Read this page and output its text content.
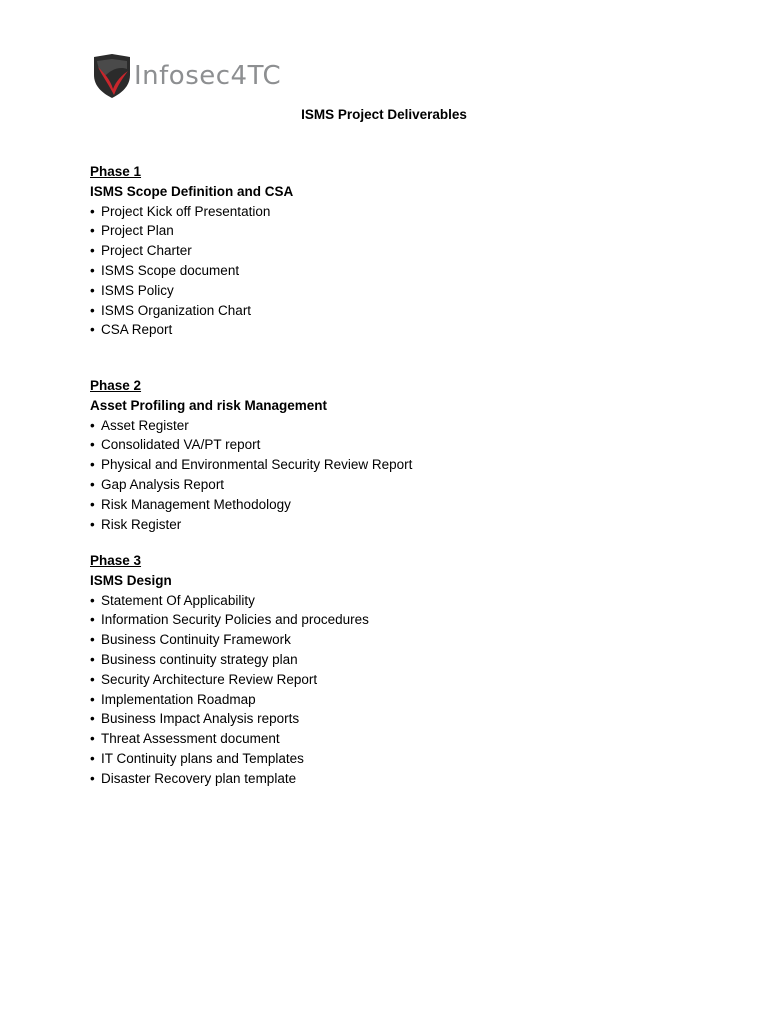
Infosec4TC
ISMS Project Deliverables
Phase 1
ISMS Scope Definition and CSA
• Project Kick off Presentation
• Project Plan
• Project Charter
• ISMS Scope document
• ISMS Policy
• ISMS Organization Chart
• CSA Report
Phase 2
Asset Profiling and risk Management
• Asset Register
• Consolidated VA/PT report
• Physical and Environmental Security Review Report
• Gap Analysis Report
• Risk Management Methodology
• Risk Register
Phase 3
ISMS Design
• Statement Of Applicability
• Information Security Policies and procedures
• Business Continuity Framework
• Business continuity strategy plan
• Security Architecture Review Report
• Implementation Roadmap
• Business Impact Analysis reports
• Threat Assessment document
• IT Continuity plans and Templates
• Disaster Recovery plan template
